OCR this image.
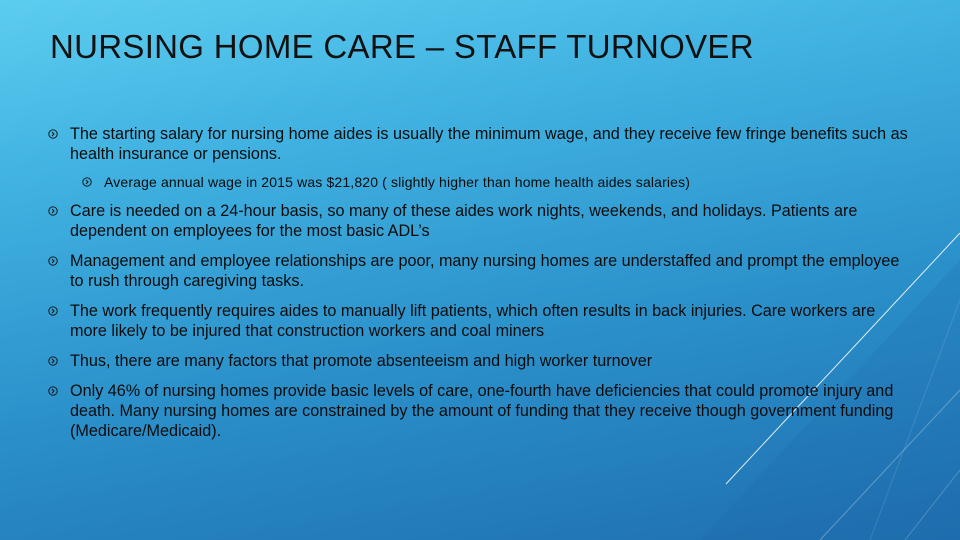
NURSING HOME CARE – STAFF TURNOVER
The starting salary for nursing home aides is usually the minimum wage, and they receive few fringe benefits such as health insurance or pensions.
Average annual wage in 2015 was $21,820 ( slightly higher than home health aides salaries)
Care is needed on a 24-hour basis, so many of these aides work nights, weekends, and holidays. Patients are dependent on employees for the most basic ADL’s
Management and employee relationships are poor, many nursing homes are understaffed and prompt the employee to rush through caregiving tasks.
The work frequently requires aides to manually lift patients, which often results in back injuries. Care workers are more likely to be injured that construction workers and coal miners
Thus, there are many factors that promote absenteeism and high worker turnover
Only 46% of nursing homes provide basic levels of care, one-fourth have deficiencies that could promote injury and death. Many nursing homes are constrained by the amount of funding that they receive though government funding (Medicare/Medicaid).
